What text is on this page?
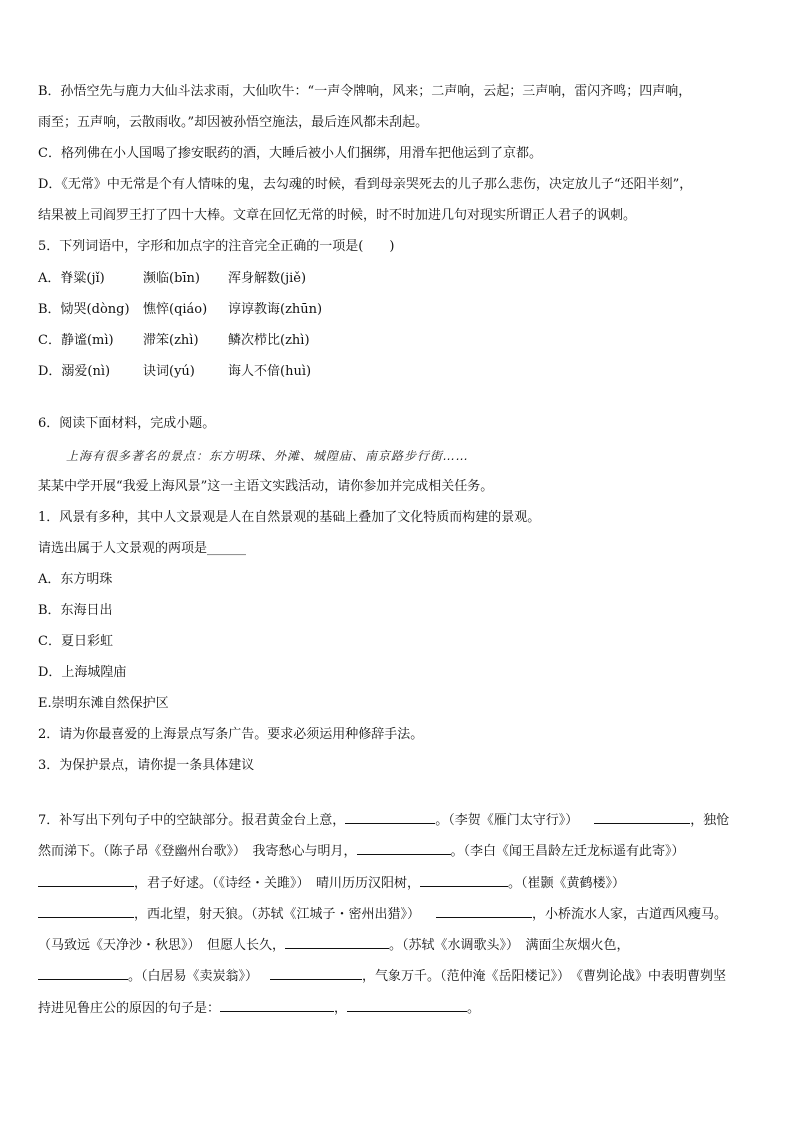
B．孙悟空先与鹿力大仙斗法求雨，大仙吹牛：“一声令牌响，风来；二声响，云起；三声响，雷闪齐鸣；四声响，
雨至；五声响，云散雨收。”却因被孙悟空施法，最后连风都未刮起。
C．格列佛在小人国喝了掺安眠药的酒，大睡后被小人们捆绑，用滑车把他运到了京都。
D．《无常》中无常是个有人情味的鬼，去勾魂的时候，看到母亲哭死去的儿子那么悲伤，决定放儿子“还阳半刻”，
结果被上司阎罗王打了四十大棒。文章在回忆无常的时候，时不时加进几句对现实所谓正人君子的讽刺。
5．下列词语中，字形和加点字的注音完全正确的一项是(　　)
A．脊粱(jǐ)	濒临(bīn) 浑身解数(jiě)
B．恸哭(dòng) 憔悴(qiáo) 谆谆教诲(zhūn)
C．静谧(mì) 滞笨(zhì) 鳞次栉比(zhì)
D．溺爱(nì)	诀词(yú)	诲人不偣(huì)
6．阅读下面材料，完成小题。
上海有很多著名的景点：东方明珠、外滩、城隍庙、南京路步行街……
某某中学开展“我爱上海风景”这一主语文实践活动，请你参加并完成相关任务。
1．风景有多种，其中人文景观是人在自然景观的基础上叠加了文化特质而构建的景观。
请选出属于人文景观的两项是______
A．东方明珠
B．东海日出
C．夏日彩虹
D．上海城隍庙
E.崇明东滩自然保护区
2．请为你最喜爱的上海景点写条广告。要求必须运用种修辞手法。
3．为保护景点，请你提一条具体建议
7．补写出下列句子中的空缺部分。报君黄金台上意，	。（李贺《雁门太守行》）	，独怆
然而涕下。（陈子昂《登幽州台歌》）　我寄愁心与明月，	。（李白《闻王昌龄左迁龙标遥有此寄》）
，君子好逑。（《诗经・关雎》）　晴川历历汉阳树，	。（崔颢《黄鹤楼》）
，西北望，射天狼。（苏轼《江城子・密州出猎》）	，小桥流水人家，古道西风瘦马。
（马致远《天净沙・秋思》）　但愿人长久，	。（苏轼《水调歌头》）　满面尘灰烟火色，
。（白居易《卖炭翁》）	，气象万千。（范仲淹《岳阳楼记》）　《曹刿论战》中表明曹刿坚
持进见鲁庄公的原因的句子是：	，	。
